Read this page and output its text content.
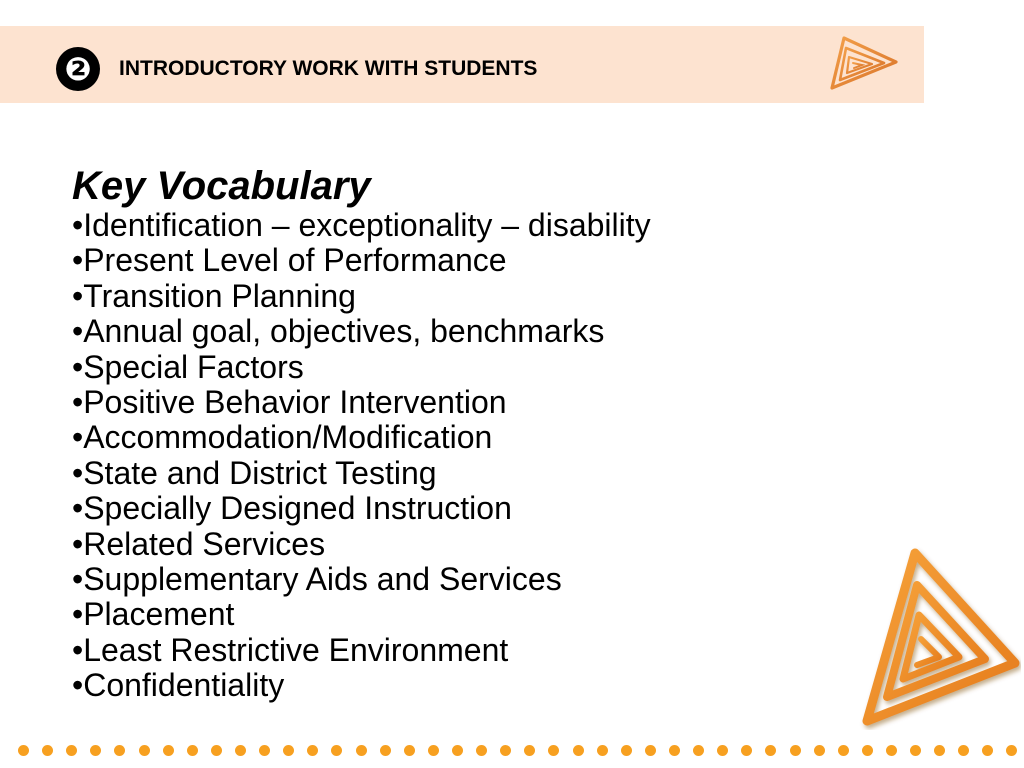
❷	INTRODUCTORY WORK WITH STUDENTS
Key Vocabulary
•Identification – exceptionality – disability
•Present Level of Performance
•Transition Planning
•Annual goal, objectives, benchmarks
•Special Factors
•Positive Behavior Intervention
•Accommodation/Modification
•State and District Testing
•Specially Designed Instruction
•Related Services
•Supplementary Aids and Services
•Placement
•Least Restrictive Environment
•Confidentiality
